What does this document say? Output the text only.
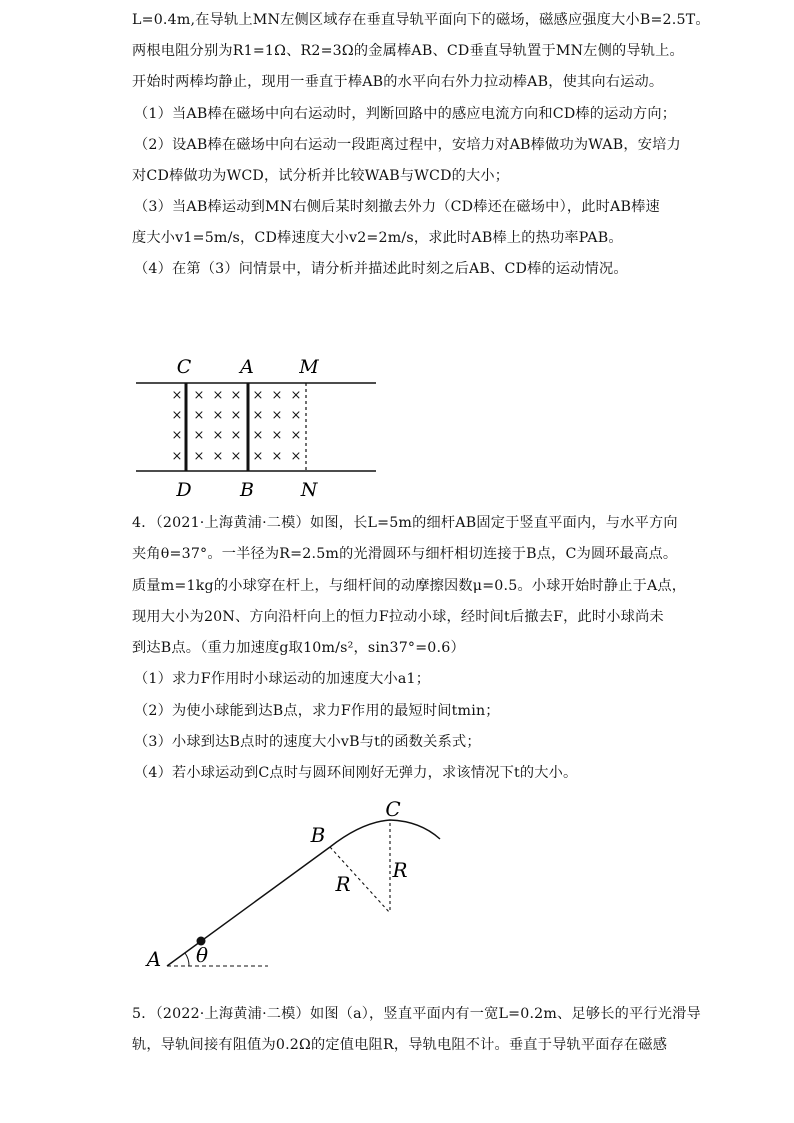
L=0.4m,在导轨上MN左侧区域存在垂直导轨平面向下的磁场，磁感应强度大小B=2.5T。
两根电阻分别为R1=1Ω、R2=3Ω的金属棒AB、CD垂直导轨置于MN左侧的导轨上。
开始时两棒均静止，现用一垂直于棒AB的水平向右外力拉动棒AB，使其向右运动。
（1）当AB棒在磁场中向右运动时，判断回路中的感应电流方向和CD棒的运动方向；
（2）设AB棒在磁场中向右运动一段距离过程中，安培力对AB棒做功为WAB，安培力
对CD棒做功为WCD，试分析并比较WAB与WCD的大小；
（3）当AB棒运动到MN右侧后某时刻撤去外力（CD棒还在磁场中），此时AB棒速
度大小v1=5m/s，CD棒速度大小v2=2m/s，求此时AB棒上的热功率PAB。
（4）在第（3）问情景中，请分析并描述此时刻之后AB、CD棒的运动情况。
× × × × × × ×
× × × × × × ×
× × × × × × ×
× × × × × × ×
C	A M
D	B N
4．（2021·上海黄浦·二模）如图，长L=5m的细杆AB固定于竖直平面内，与水平方向
夹角θ=37°。一半径为R=2.5m的光滑圆环与细杆相切连接于B点，C为圆环最高点。
质量m=1kg的小球穿在杆上，与细杆间的动摩擦因数μ=0.5。小球开始时静止于A点，
现用大小为20N、方向沿杆向上的恒力F拉动小球，经时间t后撤去F，此时小球尚未
到达B点。（重力加速度g取10m/s²，sin37°=0.6）
（1）求力F作用时小球运动的加速度大小a1；
（2）为使小球能到达B点，求力F作用的最短时间tmin；
（3）小球到达B点时的速度大小vB与t的函数关系式；
（4）若小球运动到C点时与圆环间刚好无弹力，求该情况下t的大小。
A θ
B
C
R
R
5．（2022·上海黄浦·二模）如图（a），竖直平面内有一宽L=0.2m、足够长的平行光滑导
轨，导轨间接有阻值为0.2Ω的定值电阻R，导轨电阻不计。垂直于导轨平面存在磁感
